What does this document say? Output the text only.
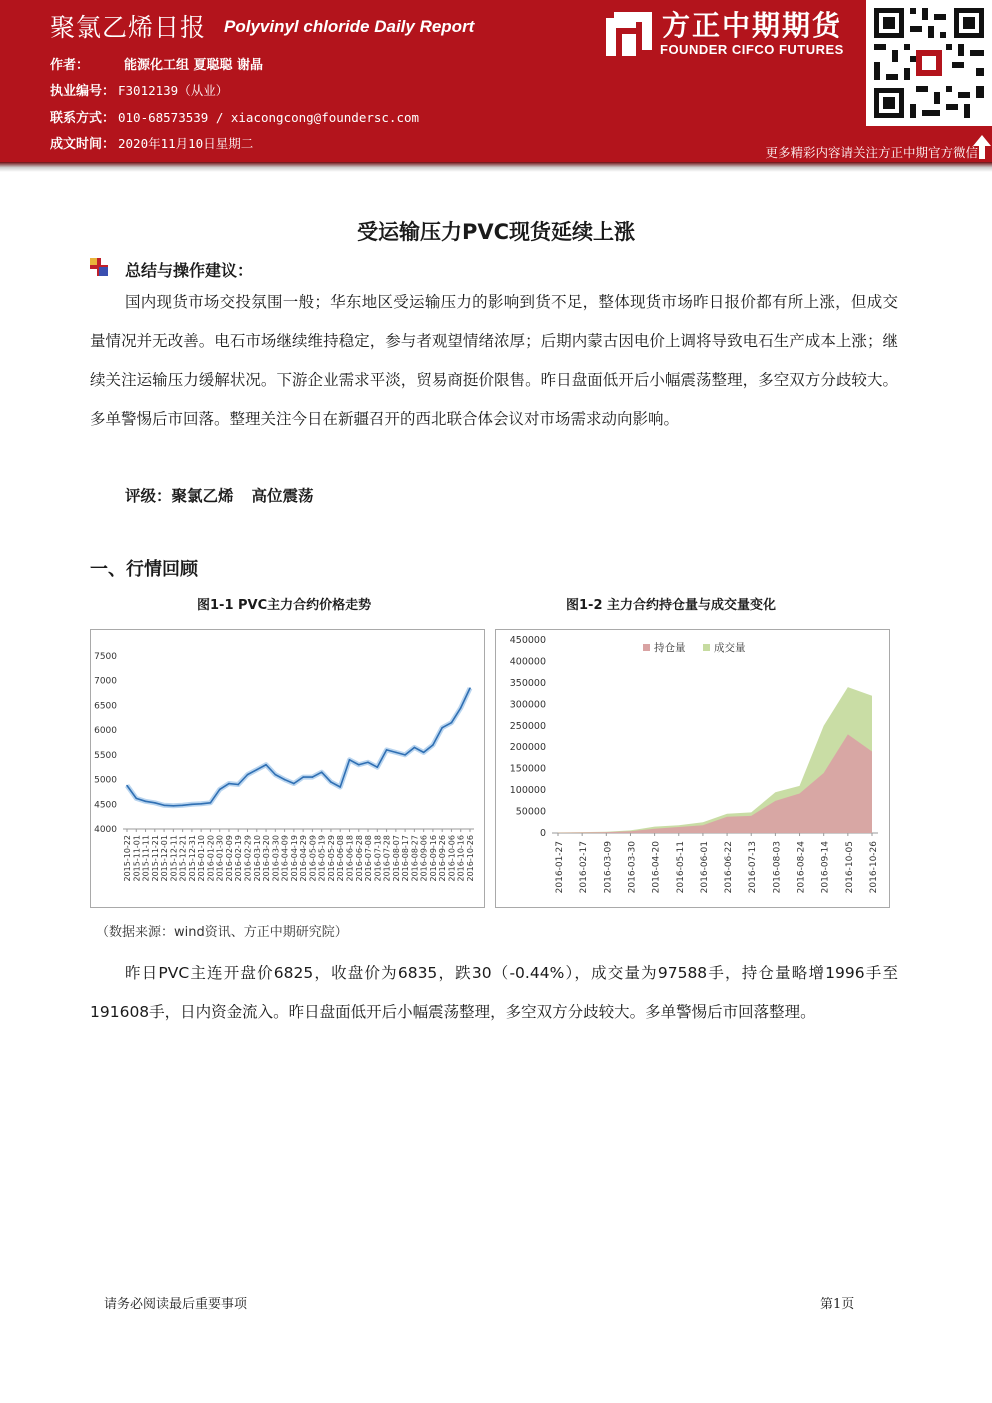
聚氯乙烯日报 Polyvinyl chloride Daily Report
作者：	能源化工组 夏聪聪 谢晶
执业编号： F3012139（从业）
联系方式： 010-68573539 / xiacongcong@foundersc.com
成文时间： 2020年11月10日星期二
方正中期期货
FOUNDER CIFCO FUTURES
更多精彩内容请关注方正中期官方微信
受运输压力PVC现货延续上涨
总结与操作建议：
国内现货市场交投氛围一般；华东地区受运输压力的影响到货不足，整体现货市场昨日报价都有所上涨，但成交量情况并无改善。电石市场继续维持稳定，参与者观望情绪浓厚；后期内蒙古因电价上调将导致电石生产成本上涨；继续关注运输压力缓解状况。下游企业需求平淡，贸易商挺价限售。昨日盘面低开后小幅震荡整理，多空双方分歧较大。多单警惕后市回落。整理关注今日在新疆召开的西北联合体会议对市场需求动向影响。
评级：聚氯乙烯 高位震荡
一、行情回顾
图1-1 PVC主力合约价格走势
4000
4500
5000
5500
6000
6500
7000
7500
2015-10-22 2015-11-01 2015-11-11 2015-11-21 2015-12-01 2015-12-11 2015-12-21 2015-12-31 2016-01-10 2016-01-20 2016-01-30 2016-02-09 2016-02-19 2016-02-29 2016-03-10 2016-03-20 2016-03-30 2016-04-09 2016-04-19 2016-04-29 2016-05-09 2016-05-19 2016-05-29 2016-06-08 2016-06-18 2016-06-28 2016-07-08 2016-07-18 2016-07-28 2016-08-07 2016-08-17 2016-08-27 2016-09-06 2016-09-16 2016-09-26 2016-10-06 2016-10-16 2016-10-26
图1-2 主力合约持仓量与成交量变化
0
50000
100000
150000
200000
250000
300000
350000
400000
450000
2016-01-27 2016-02-17 2016-03-09 2016-03-30 2016-04-20 2016-05-11 2016-06-01 2016-06-22 2016-07-13 2016-08-03 2016-08-24 2016-09-14 2016-10-05 2016-10-26
持仓量	成交量
（数据来源：wind资讯、方正中期研究院）
昨日PVC主连开盘价6825，收盘价为6835，跌30（-0.44%），成交量为97588手，持仓量略增1996手至191608手，日内资金流入。昨日盘面低开后小幅震荡整理，多空双方分歧较大。多单警惕后市回落整理。
请务必阅读最后重要事项	第1页
